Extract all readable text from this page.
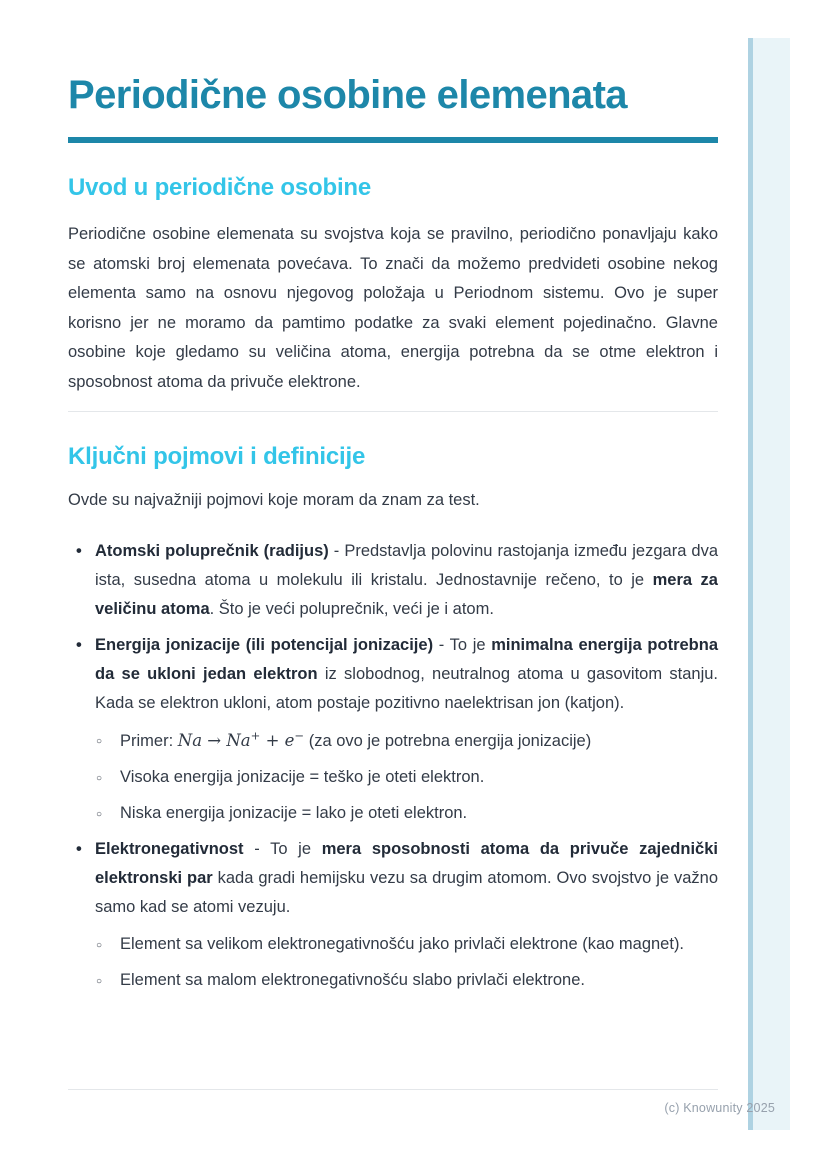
Periodične osobine elemenata
Uvod u periodične osobine

Periodične osobine elemenata su svojstva koja se pravilno, periodično ponavljaju kako se atomski broj elemenata povećava. To znači da možemo predvideti osobine nekog elementa samo na osnovu njegovog položaja u Periodnom sistemu. Ovo je super korisno jer ne moramo da pamtimo podatke za svaki element pojedinačno. Glavne osobine koje gledamo su veličina atoma, energija potrebna da se otme elektron i sposobnost atoma da privuče elektrone.

Ključni pojmovi i definicije

Ovde su najvažniji pojmovi koje moram da znam za test.

• Atomski poluprečnik (radijus) - Predstavlja polovinu rastojanja između jezgara dva ista, susedna atoma u molekulu ili kristalu. Jednostavnije rečeno, to je mera za veličinu atoma. Što je veći poluprečnik, veći je i atom.
• Energija jonizacije (ili potencijal jonizacije) - To je minimalna energija potrebna da se ukloni jedan elektron iz slobodnog, neutralnog atoma u gasovitom stanju. Kada se elektron ukloni, atom postaje pozitivno naelektrisan jon (katjon).
○ Primer: Na → Na+ + e− (za ovo je potrebna energija jonizacije)
○ Visoka energija jonizacije = teško je oteti elektron.
○ Niska energija jonizacije = lako je oteti elektron.
• Elektronegativnost - To je mera sposobnosti atoma da privuče zajednički elektronski par kada gradi hemijsku vezu sa drugim atomom. Ovo svojstvo je važno samo kad se atomi vezuju.
○ Element sa velikom elektronegativnošću jako privlači elektrone (kao magnet).
○ Element sa malom elektronegativnošću slabo privlači elektrone.
(c) Knowunity 2025
